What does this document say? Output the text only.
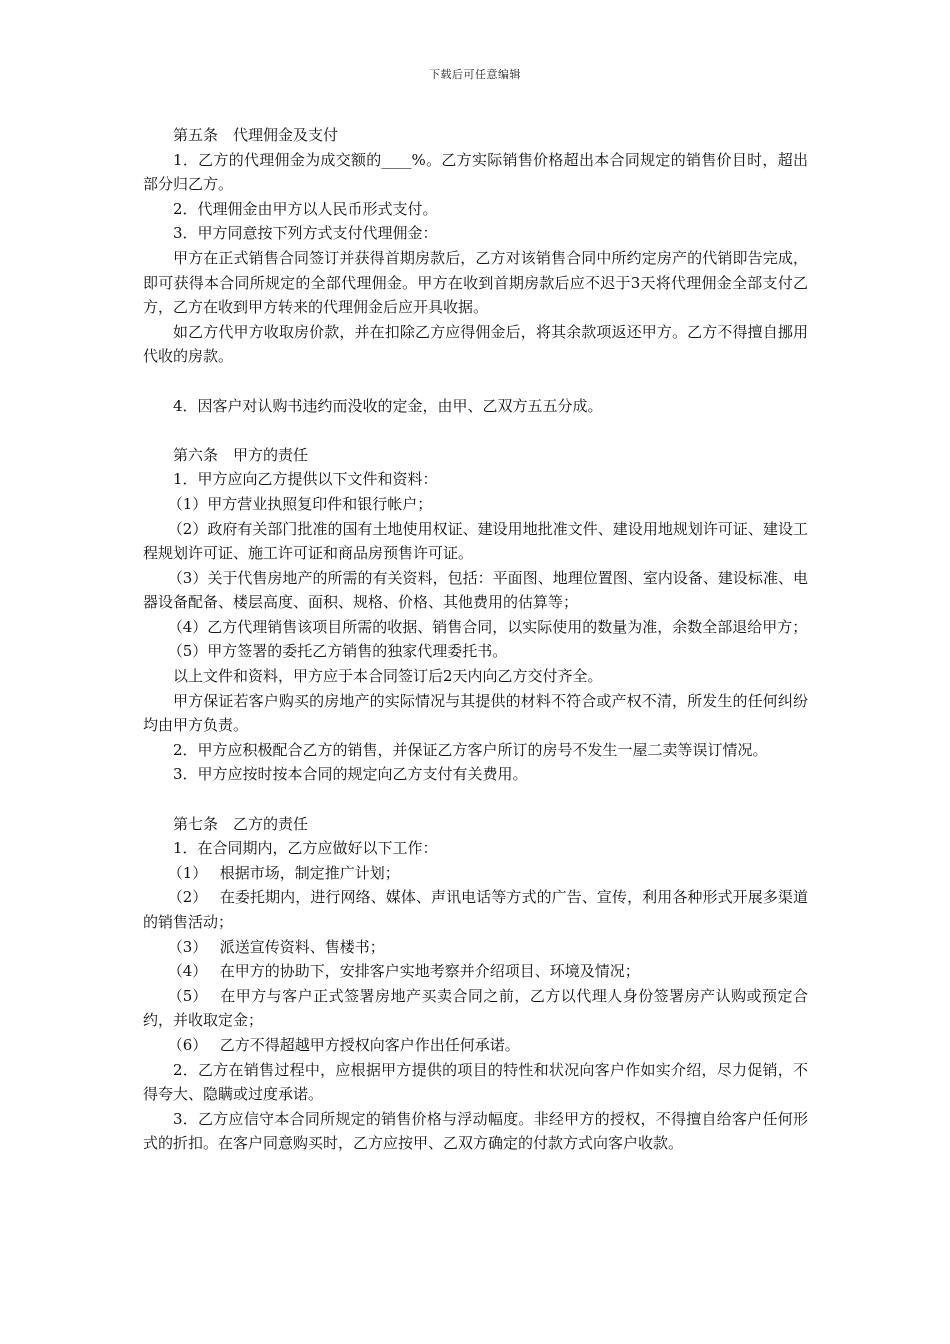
下载后可任意编辑

第五条　代理佣金及支付

1．乙方的代理佣金为成交额的____%。乙方实际销售价格超出本合同规定的销售价目时，超出部分归乙方。

2．代理佣金由甲方以人民币形式支付。

3．甲方同意按下列方式支付代理佣金：

甲方在正式销售合同签订并获得首期房款后，乙方对该销售合同中所约定房产的代销即告完成，即可获得本合同所规定的全部代理佣金。甲方在收到首期房款后应不迟于3天将代理佣金全部支付乙方，乙方在收到甲方转来的代理佣金后应开具收据。

如乙方代甲方收取房价款，并在扣除乙方应得佣金后，将其余款项返还甲方。乙方不得擅自挪用代收的房款。

4．因客户对认购书违约而没收的定金，由甲、乙双方五五分成。

第六条　甲方的责任

1．甲方应向乙方提供以下文件和资料：

（1）甲方营业执照复印件和银行帐户；

（2）政府有关部门批准的国有土地使用权证、建设用地批准文件、建设用地规划许可证、建设工程规划许可证、施工许可证和商品房预售许可证。

（3）关于代售房地产的所需的有关资料，包括：平面图、地理位置图、室内设备、建设标准、电器设备配备、楼层高度、面积、规格、价格、其他费用的估算等；

（4）乙方代理销售该项目所需的收据、销售合同，以实际使用的数量为准，余数全部退给甲方；

（5）甲方签署的委托乙方销售的独家代理委托书。

以上文件和资料，甲方应于本合同签订后2天内向乙方交付齐全。

甲方保证若客户购买的房地产的实际情况与其提供的材料不符合或产权不清，所发生的任何纠纷均由甲方负责。

2．甲方应积极配合乙方的销售，并保证乙方客户所订的房号不发生一屋二卖等误订情况。

3．甲方应按时按本合同的规定向乙方支付有关费用。

第七条　乙方的责任

1．在合同期内，乙方应做好以下工作：

（1） 根据市场，制定推广计划；

（2） 在委托期内，进行网络、媒体、声讯电话等方式的广告、宣传，利用各种形式开展多渠道的销售活动；

（3） 派送宣传资料、售楼书；

（4） 在甲方的协助下，安排客户实地考察并介绍项目、环境及情况；

（5） 在甲方与客户正式签署房地产买卖合同之前，乙方以代理人身份签署房产认购或预定合约，并收取定金；

（6） 乙方不得超越甲方授权向客户作出任何承诺。

2．乙方在销售过程中，应根据甲方提供的项目的特性和状况向客户作如实介绍，尽力促销，不得夸大、隐瞒或过度承诺。

3．乙方应信守本合同所规定的销售价格与浮动幅度。非经甲方的授权，不得擅自给客户任何形式的折扣。在客户同意购买时，乙方应按甲、乙双方确定的付款方式向客户收款。
